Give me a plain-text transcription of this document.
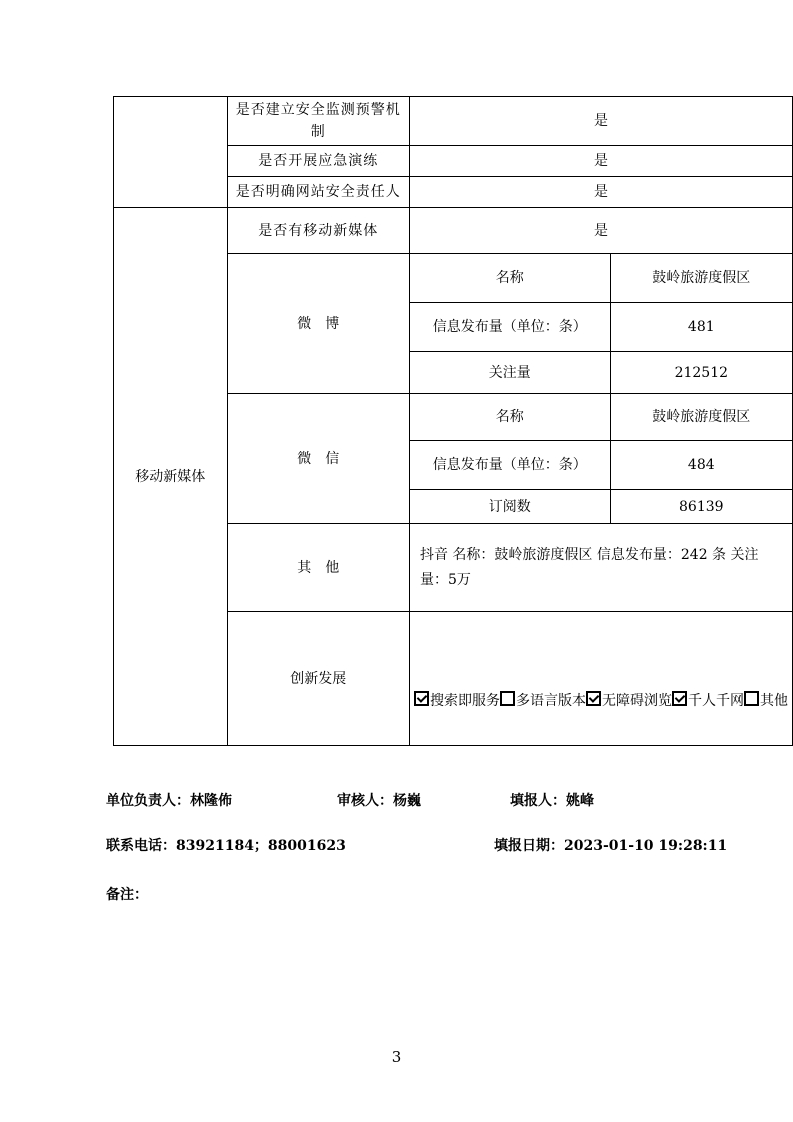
	是否建立安全监测预警机制	是	
	是否开展应急演练	是	
	是否明确网站安全责任人	是	
移动新媒体	是否有移动新媒体	是	
	微　博	名称	鼓岭旅游度假区
		信息发布量（单位：条）	481
		关注量	212512
	微　信	名称	鼓岭旅游度假区
		信息发布量（单位：条）	484
		订阅数	86139
	其　他	抖音 名称：鼓岭旅游度假区 信息发布量：242 条 关注量：5万	
	创新发展	搜索即服务 多语言版本 无障碍浏览 千人千网 其他	
单位负责人：林隆佈	审核人：杨巍	填报人：姚峰
联系电话：83921184；88001623	填报日期：2023-01-10 19:28:11
备注：
3
